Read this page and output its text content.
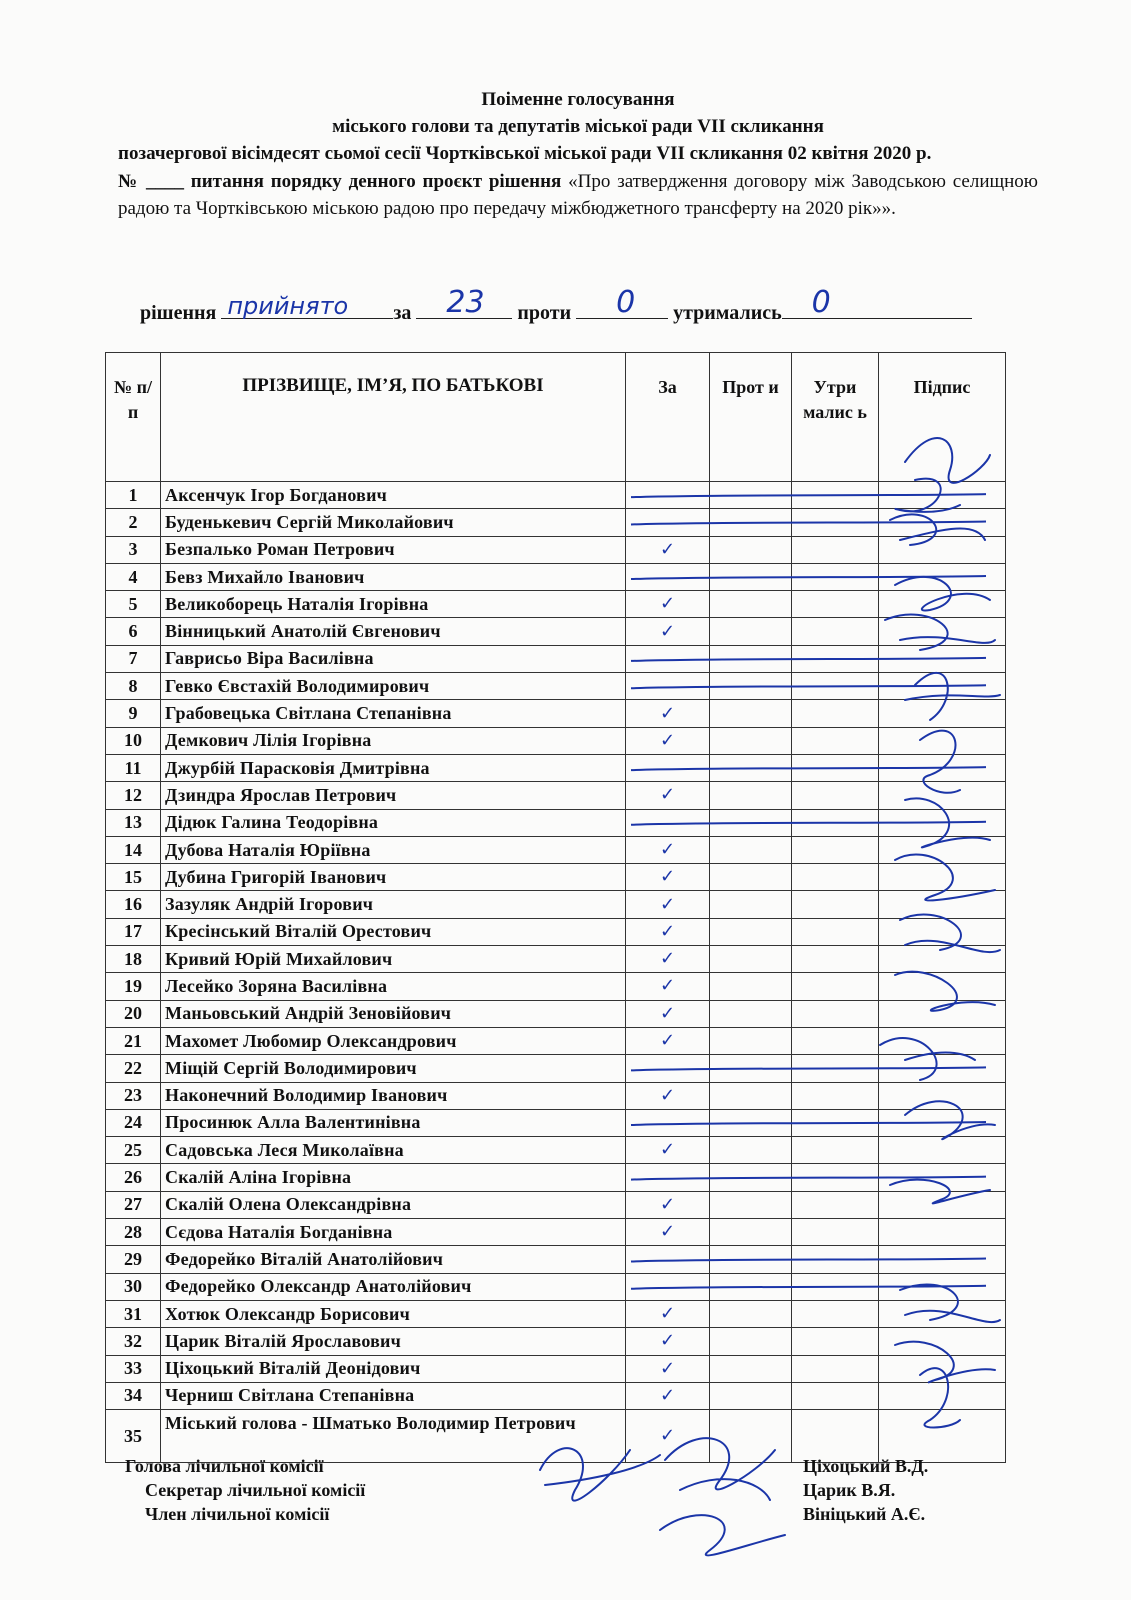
Поіменне голосування
міського голови та депутатів міської ради VII скликання
позачергової вісімдесят сьомої сесії Чортківської міської ради VII скликання 02 квітня 2020 р.
№ ____ питання порядку денного проєкт рішення «Про затвердження договору між Заводською селищною радою та Чортківською міською радою про передачу міжбюджетного трансферту на 2020 рік»».
рішення прийнято за 23 проти 0 утримались 0
№ п/п	ПРІЗВИЩЕ, ІМ’Я, ПО БАТЬКОВІ	За	Прот и	Утри малис ь	Підпис
1	Аксенчук Ігор Богданович				
2	Буденькевич Сергій Миколайович				
3	Безпалько Роман Петрович	✓			
4	Бевз Михайло Іванович				
5	Великоборець Наталія Ігорівна	✓			
6	Вінницький Анатолій Євгенович	✓			
7	Гаврисьо Віра Василівна				
8	Гевко Євстахій Володимирович				
9	Грабовецька Світлана Степанівна	✓			
10	Демкович Лілія Ігорівна	✓			
11	Джурбій Парасковія Дмитрівна				
12	Дзиндра Ярослав Петрович	✓			
13	Дідюк Галина Теодорівна				
14	Дубова Наталія Юріївна	✓			
15	Дубина Григорій Іванович	✓			
16	Зазуляк Андрій Ігорович	✓			
17	Кресінський Віталій Орестович	✓			
18	Кривий Юрій Михайлович	✓			
19	Лесейко Зоряна Василівна	✓			
20	Маньовський Андрій Зеновійович	✓			
21	Махомет Любомир Олександрович	✓			
22	Міщій Сергій Володимирович				
23	Наконечний Володимир Іванович	✓			
24	Просинюк Алла Валентинівна				
25	Садовська Леся Миколаївна	✓			
26	Скалій Аліна Ігорівна				
27	Скалій Олена Олександрівна	✓			
28	Сєдова Наталія Богданівна	✓			
29	Федорейко Віталій Анатолійович				
30	Федорейко Олександр Анатолійович				
31	Хотюк Олександр Борисович	✓			
32	Царик Віталій Ярославович	✓			
33	Ціхоцький Віталій Деонідович	✓			
34	Черниш Світлана Степанівна	✓			
35	Міський голова - Шматько Володимир Петрович	✓			
Голова лічильної комісії
Секретар лічильної комісії
Член лічильної комісії
Ціхоцький В.Д.
Царик В.Я.
Вініцький А.Є.
